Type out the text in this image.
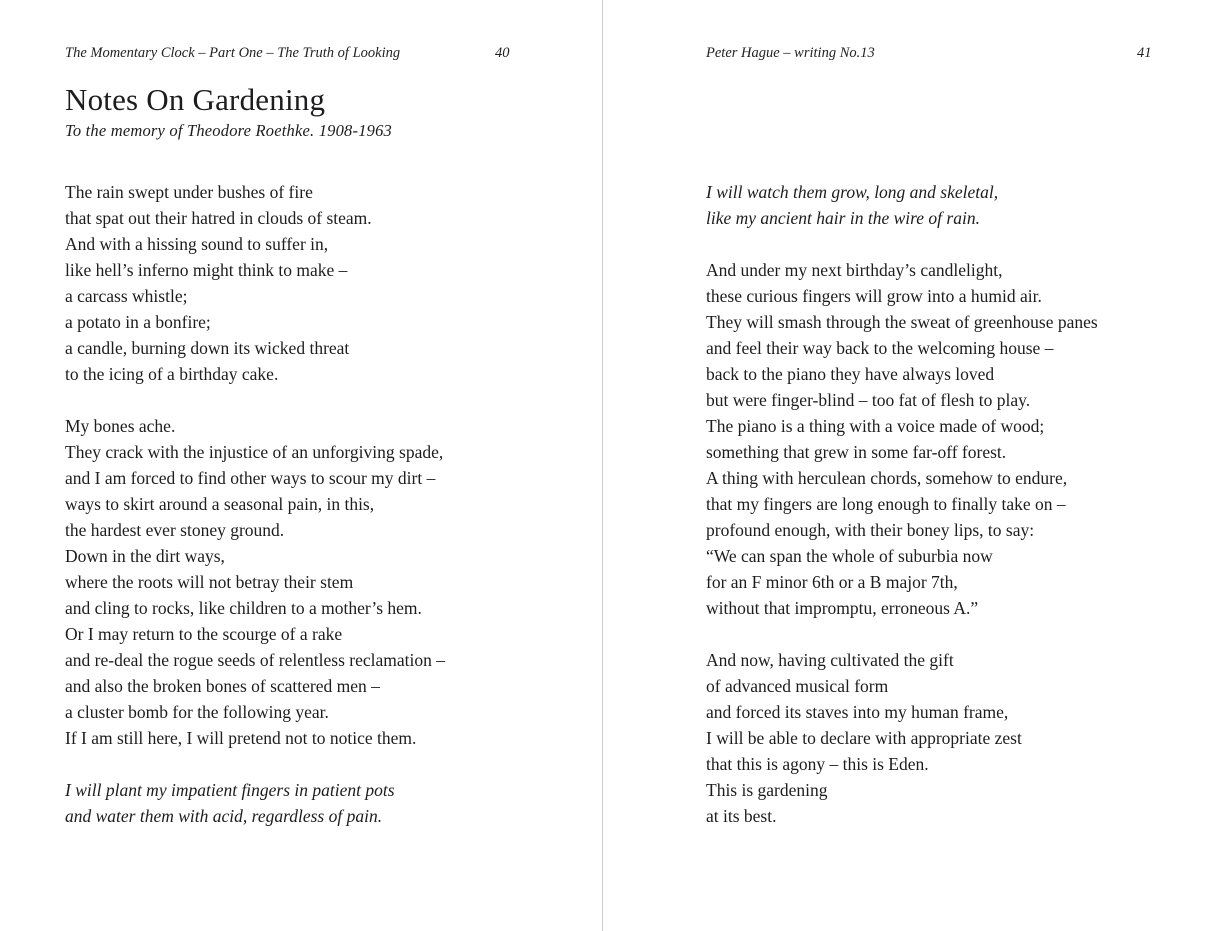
The Momentary Clock – Part One – The Truth of Looking	40
Notes On Gardening
To the memory of Theodore Roethke. 1908-1963
The rain swept under bushes of fire
that spat out their hatred in clouds of steam.
And with a hissing sound to suffer in,
like hell’s inferno might think to make –
a carcass whistle;
a potato in a bonfire;
a candle, burning down its wicked threat
to the icing of a birthday cake.
My bones ache.
They crack with the injustice of an unforgiving spade,
and I am forced to find other ways to scour my dirt –
ways to skirt around a seasonal pain, in this,
the hardest ever stoney ground.
Down in the dirt ways,
where the roots will not betray their stem
and cling to rocks, like children to a mother’s hem.
Or I may return to the scourge of a rake
and re-deal the rogue seeds of relentless reclamation –
and also the broken bones of scattered men –
a cluster bomb for the following year.
If I am still here, I will pretend not to notice them.
I will plant my impatient fingers in patient pots
and water them with acid, regardless of pain.
Peter Hague – writing No.13	41
I will watch them grow, long and skeletal,
like my ancient hair in the wire of rain.
And under my next birthday’s candlelight,
these curious fingers will grow into a humid air.
They will smash through the sweat of greenhouse panes
and feel their way back to the welcoming house –
back to the piano they have always loved
but were finger-blind – too fat of flesh to play.
The piano is a thing with a voice made of wood;
something that grew in some far-off forest.
A thing with herculean chords, somehow to endure,
that my fingers are long enough to finally take on –
profound enough, with their boney lips, to say:
“We can span the whole of suburbia now
for an F minor 6th or a B major 7th,
without that impromptu, erroneous A.”
And now, having cultivated the gift
of advanced musical form
and forced its staves into my human frame,
I will be able to declare with appropriate zest
that this is agony – this is Eden.
This is gardening
at its best.
